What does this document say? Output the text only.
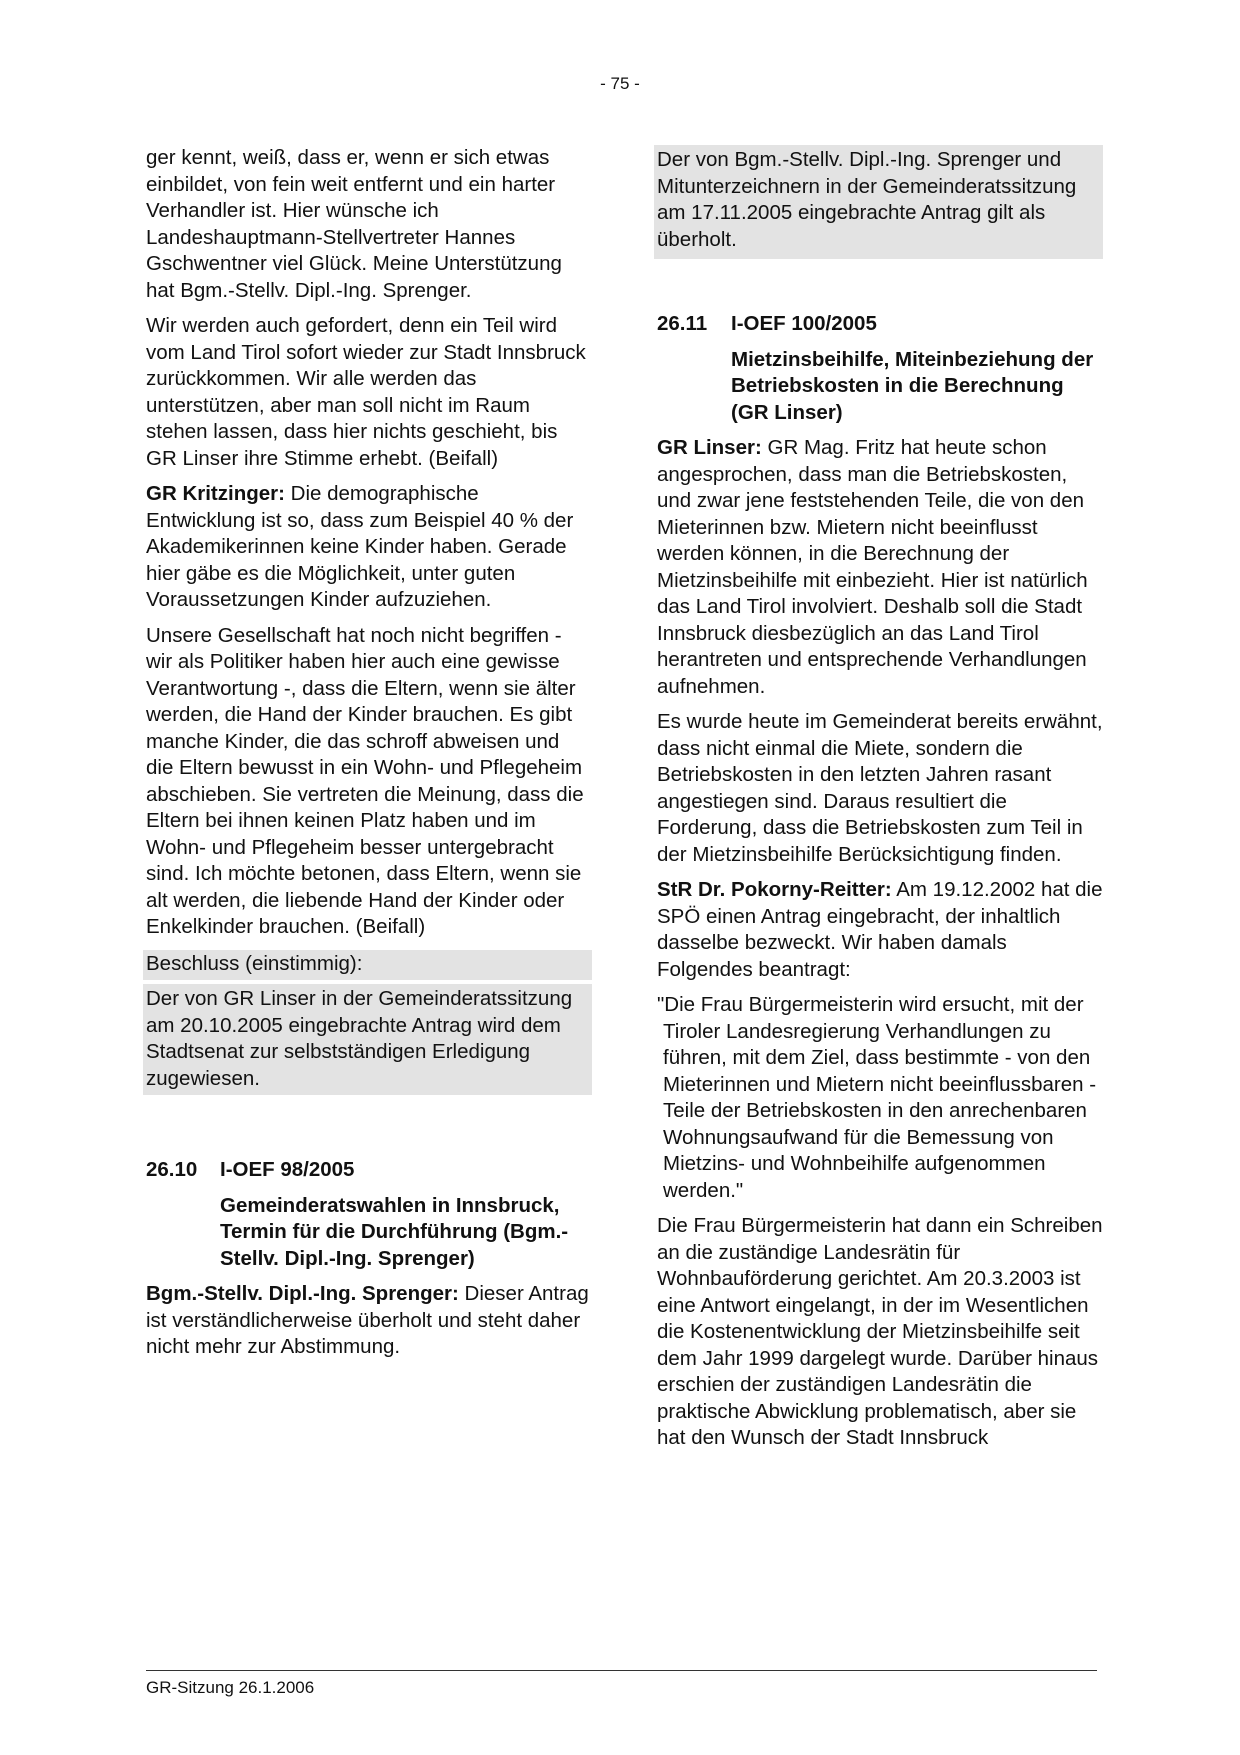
- 75 -

ger kennt, weiß, dass er, wenn er sich etwas einbildet, von fein weit entfernt und ein harter Verhandler ist. Hier wünsche ich Landeshauptmann-Stellvertreter Hannes Gschwentner viel Glück. Meine Unterstützung hat Bgm.-Stellv. Dipl.-Ing. Sprenger.

Wir werden auch gefordert, denn ein Teil wird vom Land Tirol sofort wieder zur Stadt Innsbruck zurückkommen. Wir alle werden das unterstützen, aber man soll nicht im Raum stehen lassen, dass hier nichts geschieht, bis GR Linser ihre Stimme erhebt. (Beifall)

GR Kritzinger: Die demographische Entwicklung ist so, dass zum Beispiel 40 % der Akademikerinnen keine Kinder haben. Gerade hier gäbe es die Möglichkeit, unter guten Voraussetzungen Kinder aufzuziehen.

Unsere Gesellschaft hat noch nicht begriffen - wir als Politiker haben hier auch eine gewisse Verantwortung -, dass die Eltern, wenn sie älter werden, die Hand der Kinder brauchen. Es gibt manche Kinder, die das schroff abweisen und die Eltern bewusst in ein Wohn- und Pflegeheim abschieben. Sie vertreten die Meinung, dass die Eltern bei ihnen keinen Platz haben und im Wohn- und Pflegeheim besser untergebracht sind. Ich möchte betonen, dass Eltern, wenn sie alt werden, die liebende Hand der Kinder oder Enkelkinder brauchen. (Beifall)

Beschluss (einstimmig):

Der von GR Linser in der Gemeinderatssitzung am 20.10.2005 eingebrachte Antrag wird dem Stadtsenat zur selbstständigen Erledigung zugewiesen.

26.10	I-OEF 98/2005

Gemeinderatswahlen in Innsbruck, Termin für die Durchführung (Bgm.-Stellv. Dipl.-Ing. Sprenger)

Bgm.-Stellv. Dipl.-Ing. Sprenger: Dieser Antrag ist verständlicherweise überholt und steht daher nicht mehr zur Abstimmung.

Der von Bgm.-Stellv. Dipl.-Ing. Sprenger und Mitunterzeichnern in der Gemeinderatssitzung am 17.11.2005 eingebrachte Antrag gilt als überholt.

26.11	I-OEF 100/2005

Mietzinsbeihilfe, Miteinbeziehung der Betriebskosten in die Berechnung (GR Linser)

GR Linser: GR Mag. Fritz hat heute schon angesprochen, dass man die Betriebskosten, und zwar jene feststehenden Teile, die von den Mieterinnen bzw. Mietern nicht beeinflusst werden können, in die Berechnung der Mietzinsbeihilfe mit einbezieht. Hier ist natürlich das Land Tirol involviert. Deshalb soll die Stadt Innsbruck diesbezüglich an das Land Tirol herantreten und entsprechende Verhandlungen aufnehmen.

Es wurde heute im Gemeinderat bereits erwähnt, dass nicht einmal die Miete, sondern die Betriebskosten in den letzten Jahren rasant angestiegen sind. Daraus resultiert die Forderung, dass die Betriebskosten zum Teil in der Mietzinsbeihilfe Berücksichtigung finden.

StR Dr. Pokorny-Reitter: Am 19.12.2002 hat die SPÖ einen Antrag eingebracht, der inhaltlich dasselbe bezweckt. Wir haben damals Folgendes beantragt:

"Die Frau Bürgermeisterin wird ersucht, mit der Tiroler Landesregierung Verhandlungen zu führen, mit dem Ziel, dass bestimmte - von den Mieterinnen und Mietern nicht beeinflussbaren - Teile der Betriebskosten in den anrechenbaren Wohnungsaufwand für die Bemessung von Mietzins- und Wohnbeihilfe aufgenommen werden."

Die Frau Bürgermeisterin hat dann ein Schreiben an die zuständige Landesrätin für Wohnbauförderung gerichtet. Am 20.3.2003 ist eine Antwort eingelangt, in der im Wesentlichen die Kostenentwicklung der Mietzinsbeihilfe seit dem Jahr 1999 dargelegt wurde. Darüber hinaus erschien der zuständigen Landesrätin die praktische Abwicklung problematisch, aber sie hat den Wunsch der Stadt Innsbruck

GR-Sitzung 26.1.2006
